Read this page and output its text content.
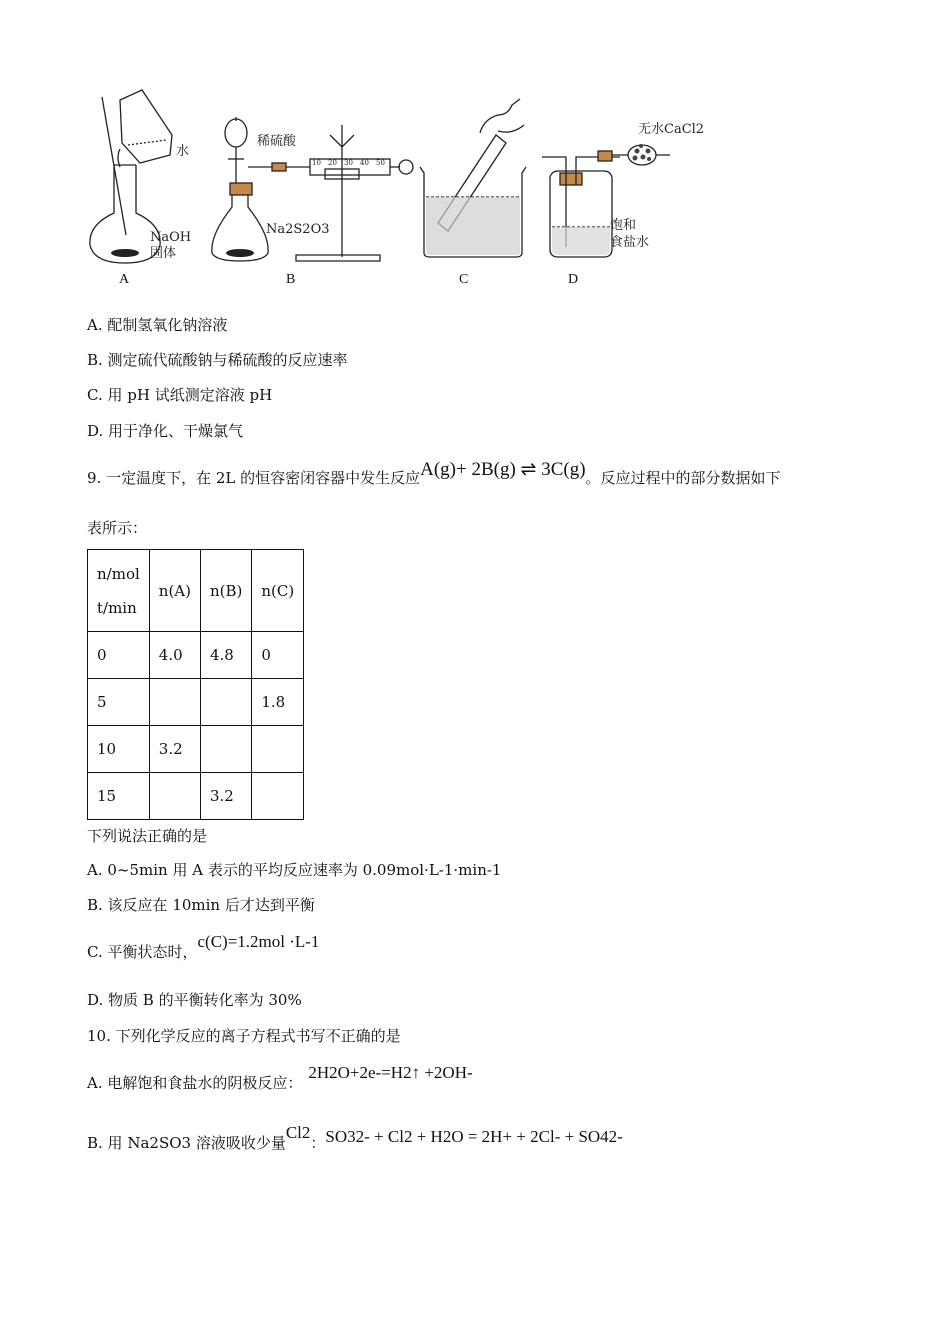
水
NaOH
固体
稀硫酸
Na2S2O3
无水CaCl2
饱和
食盐水
10 20 30 40 50
A	B	C	D
A. 配制氢氧化钠溶液
B. 测定硫代硫酸钠与稀硫酸的反应速率
C. 用 pH 试纸测定溶液 pH
D. 用于净化、干燥氯气
9. 一定温度下，在 2L 的恒容密闭容器中发生反应A(g)+ 2B(g) ⇌ 3C(g)。反应过程中的部分数据如下
表所示：
n/mol
t/min	n(A)	n(B)	n(C)
0	4.0	4.8	0
5			1.8
10	3.2		
15		3.2	
下列说法正确的是
A. 0~5min 用 A 表示的平均反应速率为 0.09mol·L-1·min-1
B. 该反应在 10min 后才达到平衡
C. 平衡状态时，c(C)=1.2mol ·L-1
D. 物质 B 的平衡转化率为 30%
10. 下列化学反应的离子方程式书写不正确的是
A. 电解饱和食盐水的阴极反应：2H2O+2e-=H2↑ +2OH-
B. 用 Na2SO3 溶液吸收少量Cl2：SO32- + Cl2 + H2O = 2H+ + 2Cl- + SO42-
